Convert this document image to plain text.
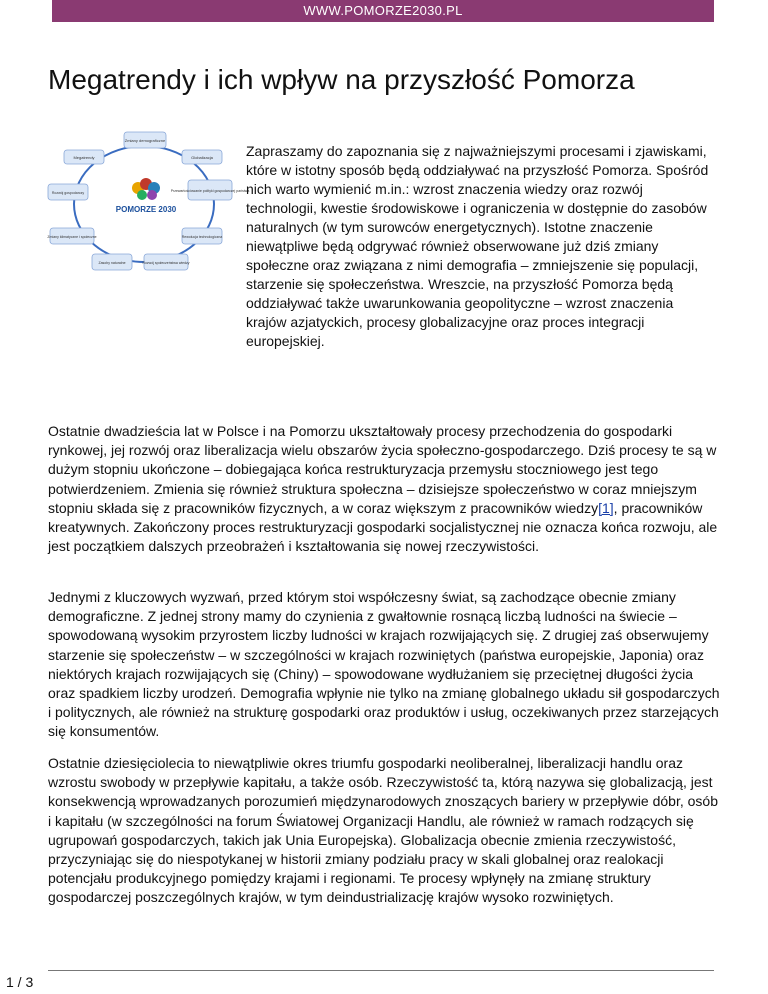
WWW.POMORZE2030.PL
Megatrendy i ich wpływ na przyszłość Pomorza
POMORZE 2030
Zmiany demograficzne
Globalizacja
Przewartościowanie polityki gospodarczej państwa
Rewolucja technologiczna
Rozwój społeczeństwa wiedzy
Zasoby naturalne
Zmiany klimatyczne i społeczne
Rozwój gospodarczy
Megatrendy	Zapraszamy do zapoznania się z najważniejszymi procesami i zjawiskami, które w istotny sposób będą oddziaływać na przyszłość Pomorza. Spośród nich warto wymienić m.in.: wzrost znaczenia wiedzy oraz rozwój technologii, kwestie środowiskowe i ograniczenia w dostępnie do zasobów naturalnych (w tym surowców energetycznych). Istotne znaczenie niewątpliwe będą odgrywać również obserwowane już dziś zmiany społeczne oraz związana z nimi demografia – zmniejszenie się populacji, starzenie się społeczeństwa. Wreszcie, na przyszłość Pomorza będą oddziaływać także uwarunkowania geopolityczne – wzrost znaczenia krajów azjatyckich, procesy globalizacyjne oraz proces integracji europejskiej.

Ostatnie dwadzieścia lat w Polsce i na Pomorzu ukształtowały procesy przechodzenia do gospodarki rynkowej, jej rozwój oraz liberalizacja wielu obszarów życia społeczno-gospodarczego. Dziś procesy te są w dużym stopniu ukończone – dobiegająca końca restrukturyzacja przemysłu stoczniowego jest tego potwierdzeniem. Zmienia się również struktura społeczna – dzisiejsze społeczeństwo w coraz mniejszym stopniu składa się z pracowników fizycznych, a w coraz większym z pracowników wiedzy[1], pracowników kreatywnych. Zakończony proces restrukturyzacji gospodarki socjalistycznej nie oznacza końca rozwoju, ale jest początkiem dalszych przeobrażeń i kształtowania się nowej rzeczywistości.

Jednymi z kluczowych wyzwań, przed którym stoi współczesny świat, są zachodzące obecnie zmiany demograficzne. Z jednej strony mamy do czynienia z gwałtownie rosnącą liczbą ludności na świecie – spowodowaną wysokim przyrostem liczby ludności w krajach rozwijających się. Z drugiej zaś obserwujemy starzenie się społeczeństw – w szczególności w krajach rozwiniętych (państwa europejskie, Japonia) oraz niektórych krajach rozwijających się (Chiny) – spowodowane wydłużaniem się przeciętnej długości życia oraz spadkiem liczby urodzeń. Demografia wpłynie nie tylko na zmianę globalnego układu sił gospodarczych i politycznych, ale również na strukturę gospodarki oraz produktów i usług, oczekiwanych przez starzejących się konsumentów.

Ostatnie dziesięciolecia to niewątpliwie okres triumfu gospodarki neoliberalnej, liberalizacji handlu oraz wzrostu swobody w przepływie kapitału, a także osób. Rzeczywistość ta, którą nazywa się globalizacją, jest konsekwencją wprowadzanych porozumień międzynarodowych znoszących bariery w przepływie dóbr, osób i kapitału (w szczególności na forum Światowej Organizacji Handlu, ale również w ramach rodzących się ugrupowań gospodarczych, takich jak Unia Europejska). Globalizacja obecnie zmienia rzeczywistość, przyczyniając się do niespotykanej w historii zmiany podziału pracy w skali globalnej oraz realokacji potencjału produkcyjnego pomiędzy krajami i regionami. Te procesy wpłynęły na zmianę struktury gospodarczej poszczególnych krajów, w tym deindustrializację krajów wysoko rozwiniętych.

1 / 3
